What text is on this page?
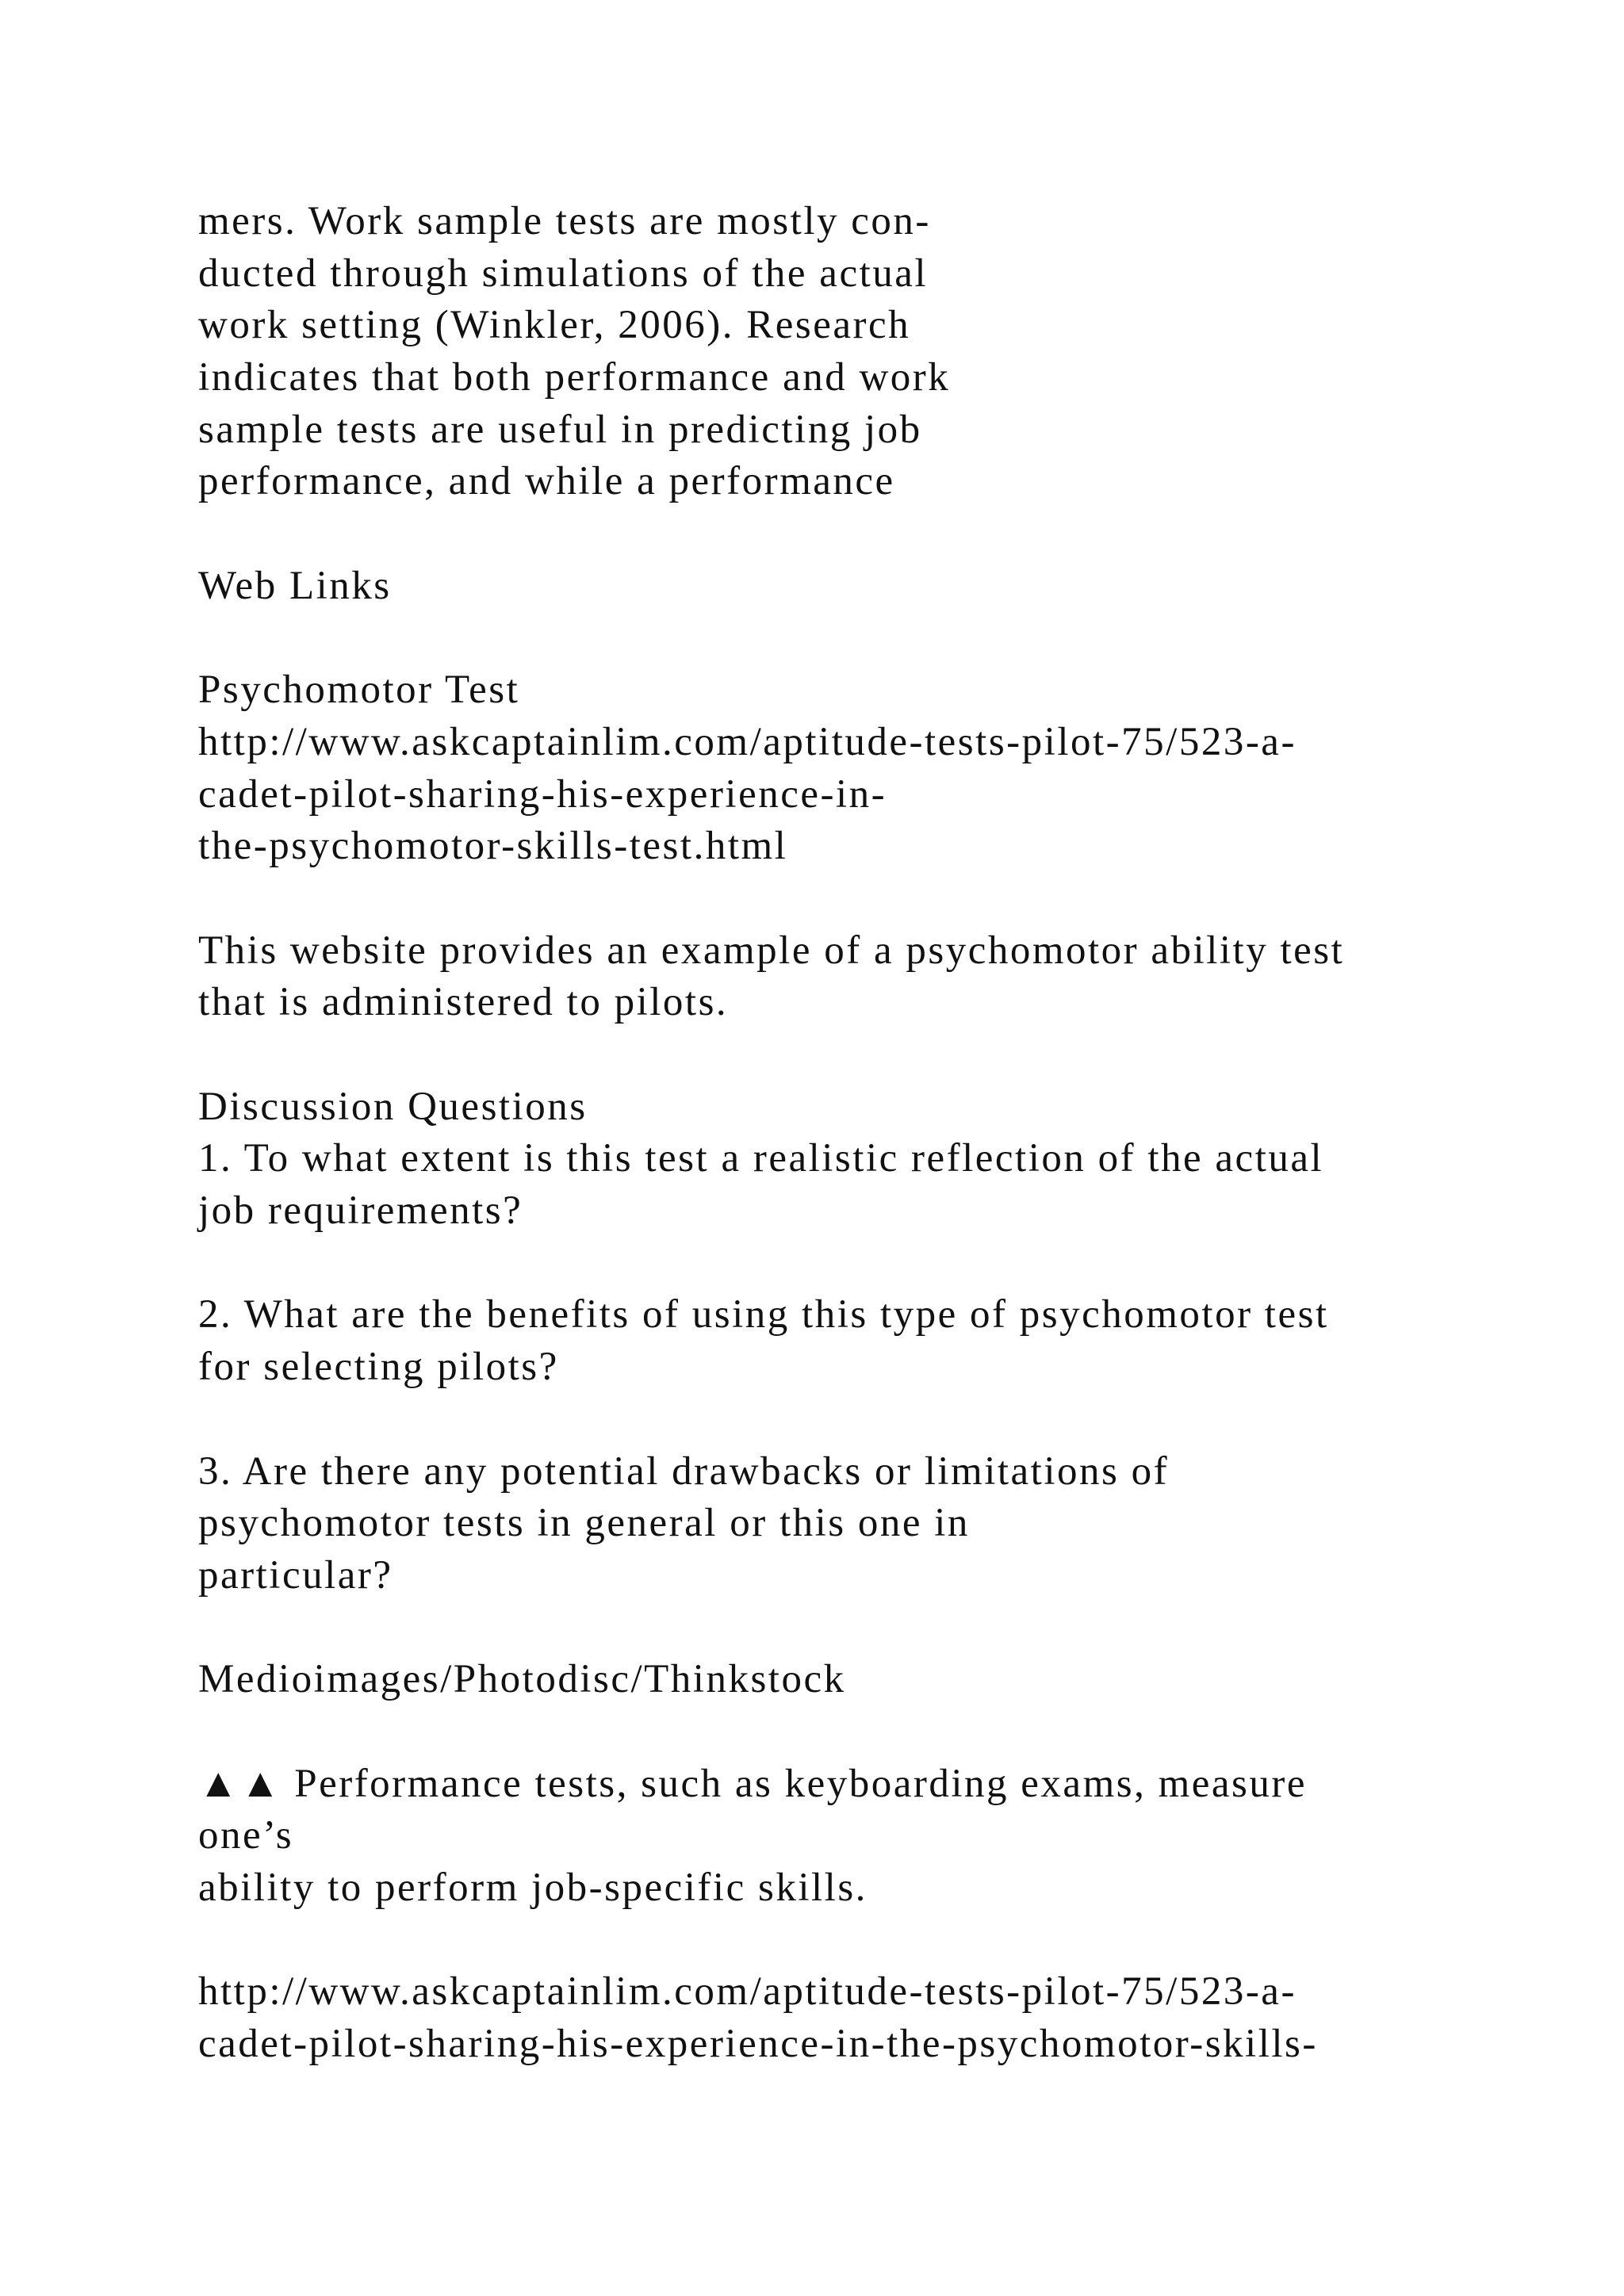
mers. Work sample tests are mostly con-
ducted through simulations of the actual
work setting (Winkler, 2006). Research
indicates that both performance and work
sample tests are useful in predicting job
performance, and while a performance
Web Links
Psychomotor Test
http://www.askcaptainlim.com/aptitude-tests-pilot-75/523-a-
cadet-pilot-sharing-his-experience-in-
the-psychomotor-skills-test.html
This website provides an example of a psychomotor ability test
that is administered to pilots.
Discussion Questions
1. To what extent is this test a realistic reflection of the actual
job requirements?
2. What are the benefits of using this type of psychomotor test
for selecting pilots?
3. Are there any potential drawbacks or limitations of
psychomotor tests in general or this one in
particular?
Medioimages/Photodisc/Thinkstock
▲▲ Performance tests, such as keyboarding exams, measure
one’s
ability to perform job-specific skills.
http://www.askcaptainlim.com/aptitude-tests-pilot-75/523-a-
cadet-pilot-sharing-his-experience-in-the-psychomotor-skills-
